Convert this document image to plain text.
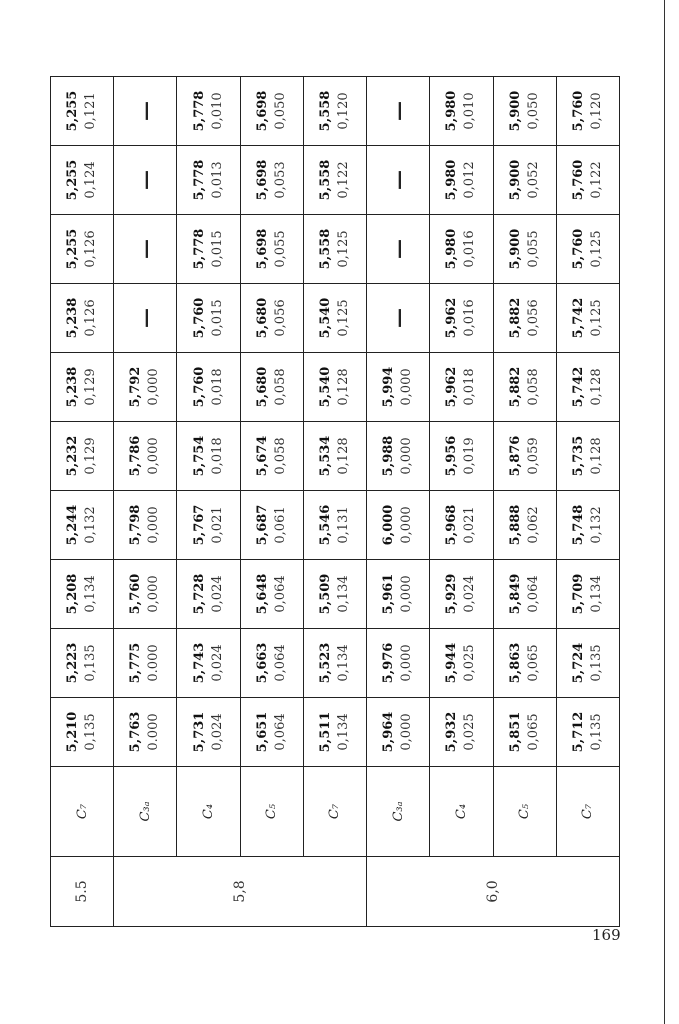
5.5	C₇	5,210 0,135	5,223 0,135	5,208 0,134	5,244 0,132	5,232 0,129	5,238 0,129	5,238 0,126	5,255 0,126	5,255 0,124	5,255 0,121

5,8	C₃ₐ	5,763 0.000	5,775 0.000	5,760 0,000	5,798 0,000	5,786 0,000	5,792 0,000	—	—	—	—
	C₄	5,731 0,024	5,743 0,024	5,728 0,024	5,767 0,021	5,754 0,018	5,760 0,018	5,760 0,015	5,778 0,015	5,778 0,013	5,778 0,010

	C₅	5,651 0,064	5,663 0,064	5,648 0,064	5,687 0,061	5,674 0,058	5,680 0,058	5,680 0,056	5,698 0,055	5,698 0,053	5,698 0,050

	C₇	5,511 0,134	5,523 0,134	5,509 0,134	5,546 0,131	5,534 0,128	5,540 0,128	5,540 0,125	5,558 0,125	5,558 0,122	5,558 0,120

6,0	C₃ₐ	5,964 0,000	5,976 0,000	5,961 0,000	6,000 0,000	5,988 0,000	5,994 0,000	—	—	—	—
	C₄	5,932 0,025	5,944 0,025	5,929 0,024	5,968 0,021	5,956 0,019	5,962 0,018	5,962 0,016	5,980 0,016	5,980 0,012	5,980 0,010

	C₅	5,851 0,065	5,863 0,065	5,849 0,064	5,888 0,062	5,876 0,059	5,882 0,058	5,882 0,056	5,900 0,055	5,900 0,052	5,900 0,050

	C₇	5,712 0,135	5,724 0,135	5,709 0,134	5,748 0,132	5,735 0,128	5,742 0,128	5,742 0,125	5,760 0,125	5,760 0,122	5,760 0,120
169
